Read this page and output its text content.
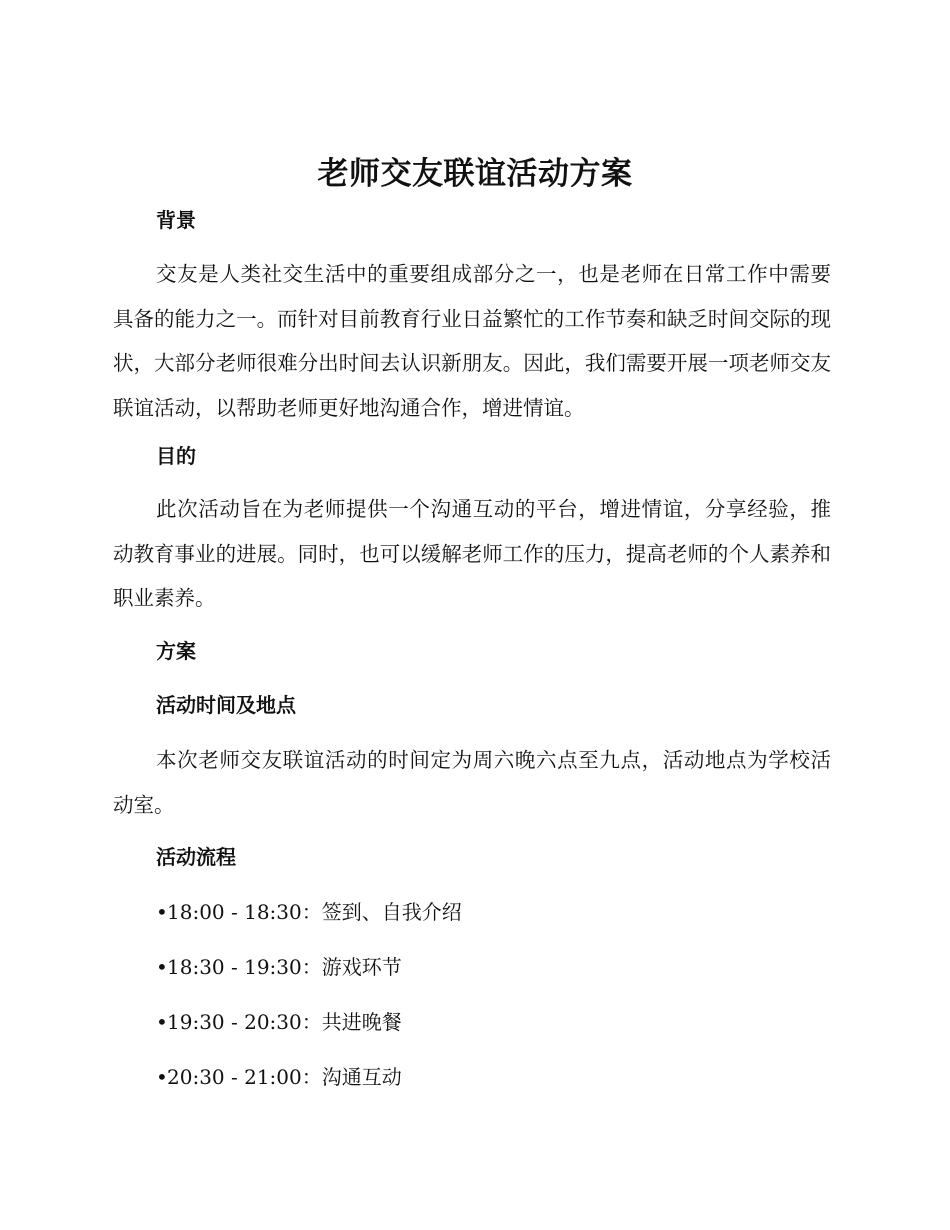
老师交友联谊活动方案
背景

交友是人类社交生活中的重要组成部分之一，也是老师在日常工作中需要具备的能力之一。而针对目前教育行业日益繁忙的工作节奏和缺乏时间交际的现状，大部分老师很难分出时间去认识新朋友。因此，我们需要开展一项老师交友联谊活动，以帮助老师更好地沟通合作，增进情谊。

目的

此次活动旨在为老师提供一个沟通互动的平台，增进情谊，分享经验，推动教育事业的进展。同时，也可以缓解老师工作的压力，提高老师的个人素养和职业素养。

方案
活动时间及地点

本次老师交友联谊活动的时间定为周六晚六点至九点，活动地点为学校活动室。

活动流程
•18:00 - 18:30：签到、自我介绍
•18:30 - 19:30：游戏环节
•19:30 - 20:30：共进晚餐
•20:30 - 21:00：沟通互动
